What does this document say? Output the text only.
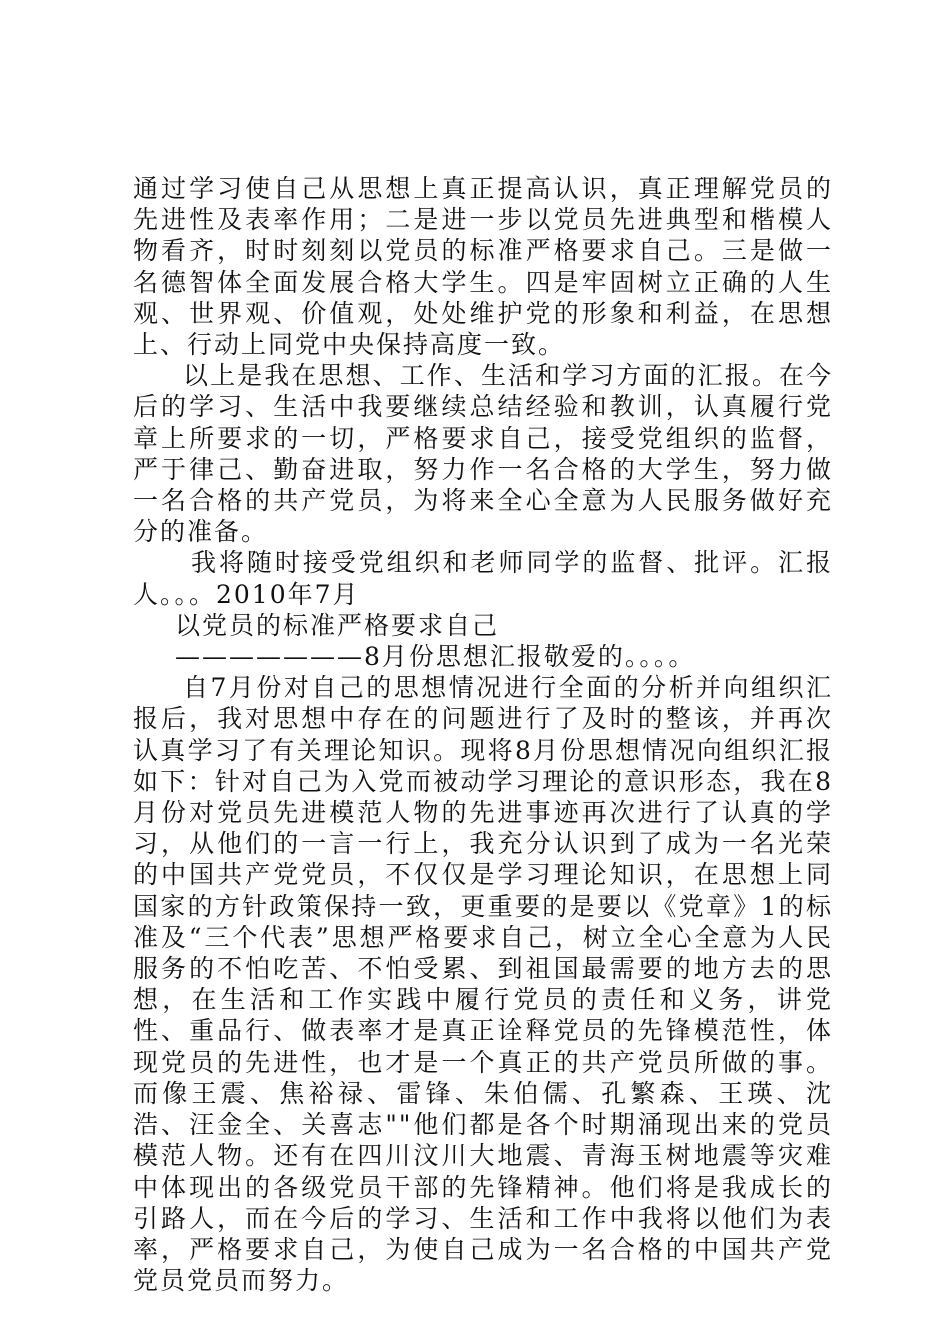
通过学习使自己从思想上真正提高认识，真正理解党员的先进性及表率作用；二是进一步以党员先进典型和楷模人物看齐，时时刻刻以党员的标准严格要求自己。三是做一名德智体全面发展合格大学生。四是牢固树立正确的人生观、世界观、价值观，处处维护党的形象和利益，在思想上、行动上同党中央保持高度一致。

以上是我在思想、工作、生活和学习方面的汇报。在今后的学习、生活中我要继续总结经验和教训，认真履行党章上所要求的一切，严格要求自己，接受党组织的监督，严于律己、勤奋进取，努力作一名合格的大学生，努力做一名合格的共产党员，为将来全心全意为人民服务做好充分的准备。

我将随时接受党组织和老师同学的监督、批评。汇报人。。。2010年7月

以党员的标准严格要求自己

———————8月份思想汇报敬爱的。。。。

自7月份对自己的思想情况进行全面的分析并向组织汇报后，我对思想中存在的问题进行了及时的整该，并再次认真学习了有关理论知识。现将8月份思想情况向组织汇报如下：针对自己为入党而被动学习理论的意识形态，我在8月份对党员先进模范人物的先进事迹再次进行了认真的学习，从他们的一言一行上，我充分认识到了成为一名光荣的中国共产党党员，不仅仅是学习理论知识，在思想上同国家的方针政策保持一致，更重要的是要以《党章》1的标准及“三个代表”思想严格要求自己，树立全心全意为人民服务的不怕吃苦、不怕受累、到祖国最需要的地方去的思想，在生活和工作实践中履行党员的责任和义务，讲党性、重品行、做表率才是真正诠释党员的先锋模范性，体现党员的先进性，也才是一个真正的共产党员所做的事。而像王震、焦裕禄、雷锋、朱伯儒、孔繁森、王瑛、沈浩、汪金全、关喜志""他们都是各个时期涌现出来的党员模范人物。还有在四川汶川大地震、青海玉树地震等灾难中体现出的各级党员干部的先锋精神。他们将是我成长的引路人，而在今后的学习、生活和工作中我将以他们为表率，严格要求自己，为使自己成为一名合格的中国共产党党员党员而努力。
